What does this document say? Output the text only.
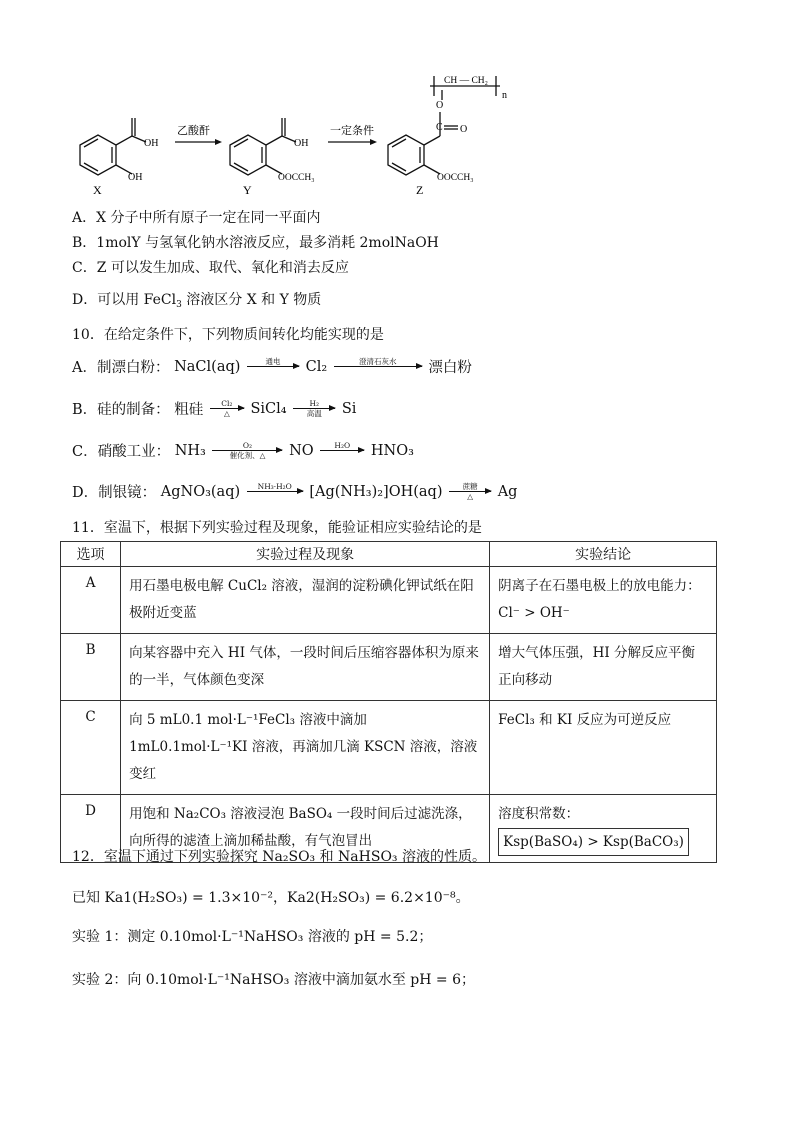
OH
OH
X
乙酸酐
OH
OOCCH₃
Y
一定条件
O
C O
OOCCH₃
CH — CH₂
n
Z
A．X 分子中所有原子一定在同一平面内
B．1molY 与氢氧化钠水溶液反应，最多消耗 2molNaOH
C．Z 可以发生加成、取代、氧化和消去反应
D．可以用 FeCl$_3$ 溶液区分 X 和 Y 物质
10．在给定条件下，下列物质间转化均能实现的是
A．制漂白粉： NaCl(aq)	通电	Cl₂	澄清石灰水	漂白粉
B．硅的制备： 粗硅	Cl₂
△	SiCl₄	H₂
高温	Si
C．硝酸工业： NH₃	O₂
催化剂、△	NO	H₂O	HNO₃
D．制银镜： AgNO₃(aq)	NH₃·H₂O	[Ag(NH₃)₂]OH(aq)	蔗糖
△	Ag
11．室温下，根据下列实验过程及现象，能验证相应实验结论的是
选项	实验过程及现象	实验结论
A	用石墨电极电解 CuCl₂ 溶液，湿润的淀粉碘化钾试纸在阳极附近变蓝	阴离子在石墨电极上的放电能力：Cl⁻ > OH⁻
B	向某容器中充入 HI 气体，一段时间后压缩容器体积为原来的一半，气体颜色变深	增大气体压强，HI 分解反应平衡正向移动
C	向 5 mL0.1 mol·L⁻¹FeCl₃ 溶液中滴加 1mL0.1mol·L⁻¹KI 溶液，再滴加几滴 KSCN 溶液，溶液变红	FeCl₃ 和 KI 反应为可逆反应
D	用饱和 Na₂CO₃ 溶液浸泡 BaSO₄ 一段时间后过滤洗涤，向所得的滤渣上滴加稀盐酸，有气泡冒出	溶度积常数：
Ksp(BaSO₄) > Ksp(BaCO₃)
12．室温下通过下列实验探究 Na₂SO₃ 和 NaHSO₃ 溶液的性质。
已知 Ka1(H₂SO₃) = 1.3×10⁻²，Ka2(H₂SO₃) = 6.2×10⁻⁸。
实验 1：测定 0.10mol·L⁻¹NaHSO₃ 溶液的 pH = 5.2；
实验 2：向 0.10mol·L⁻¹NaHSO₃ 溶液中滴加氨水至 pH = 6；
